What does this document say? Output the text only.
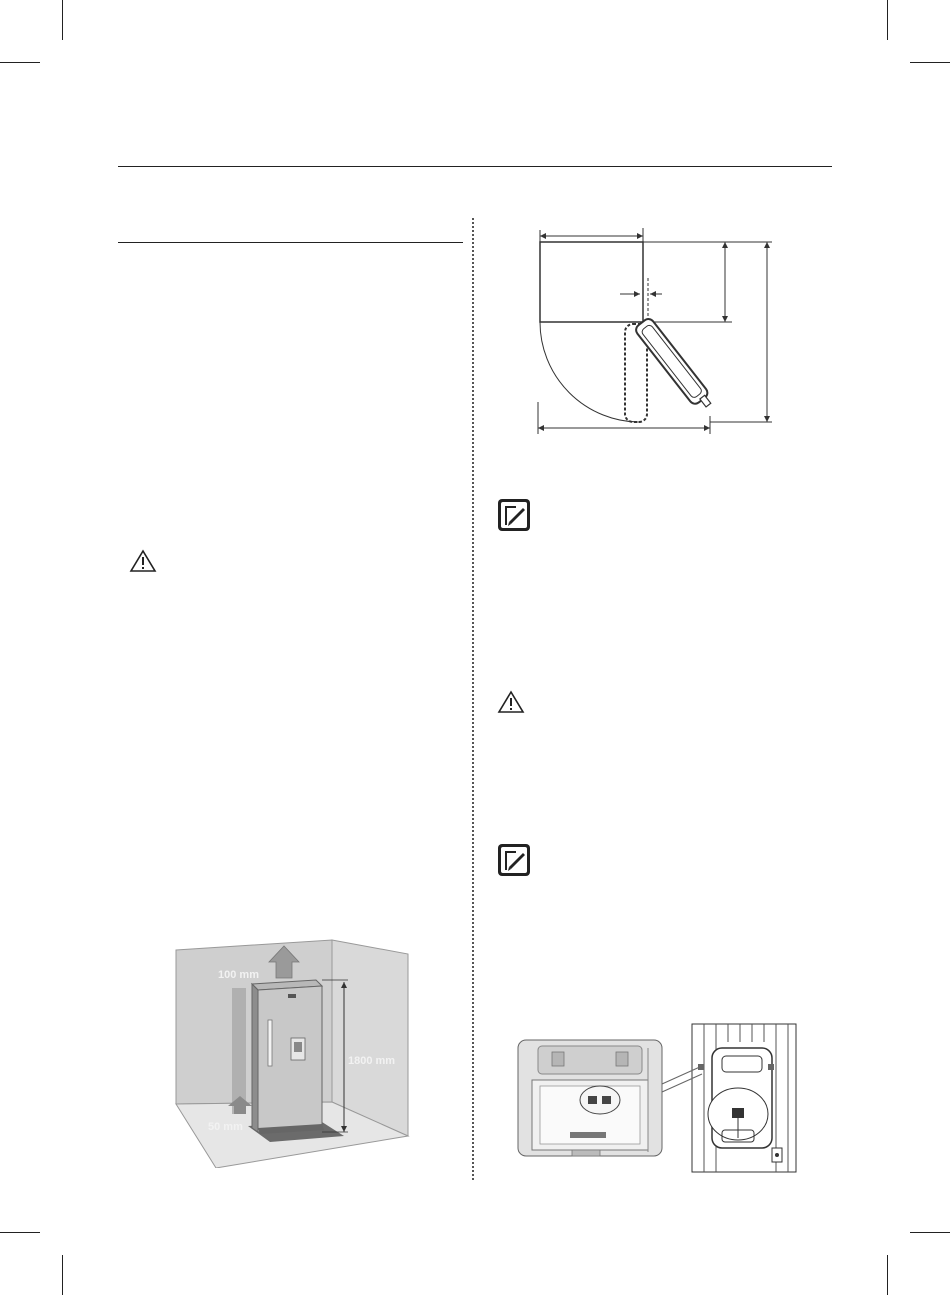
100 mm
1800 mm
50 mm
